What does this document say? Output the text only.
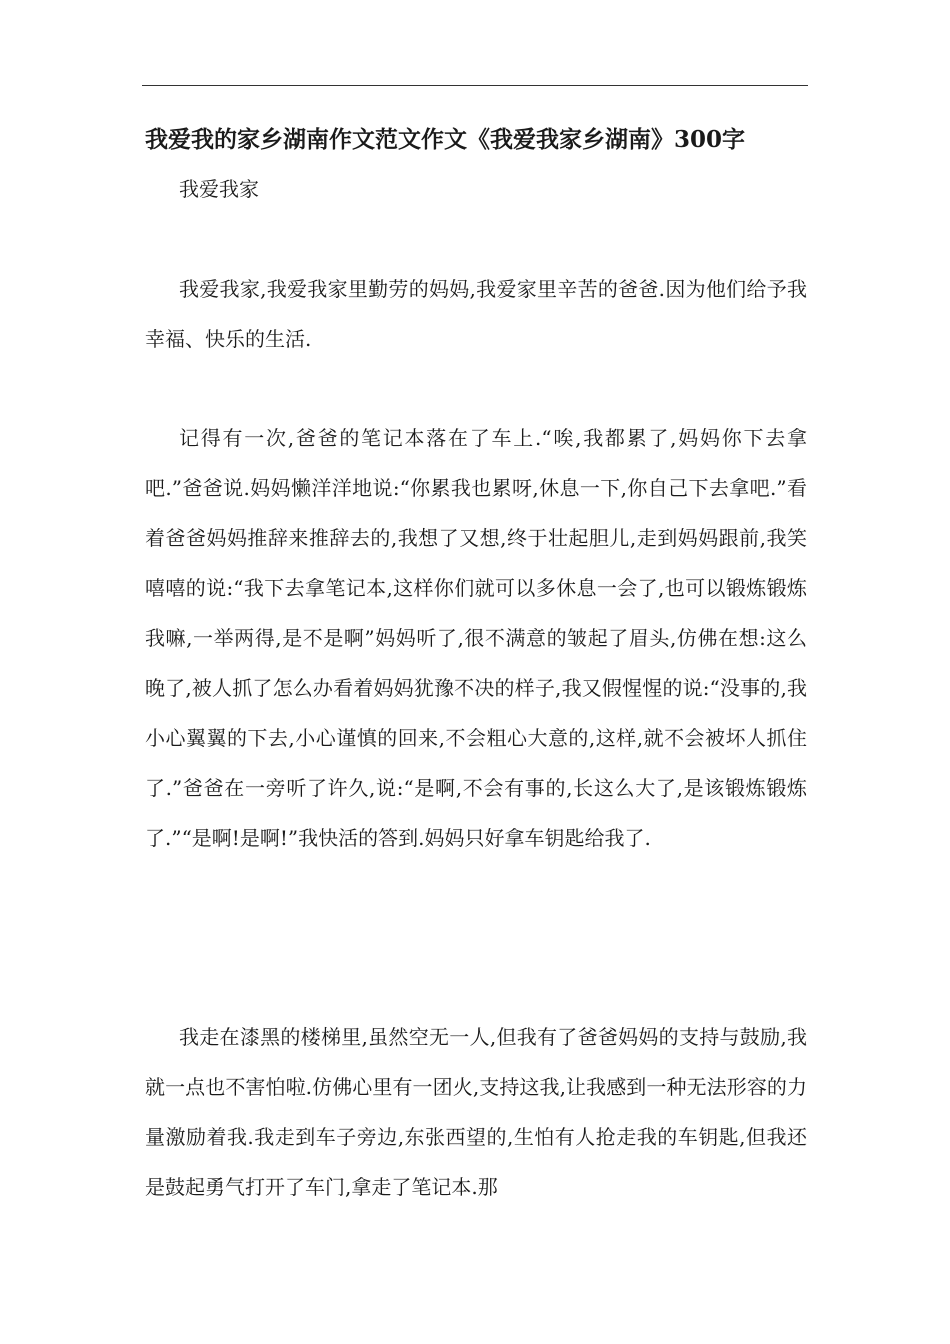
我爱我的家乡湖南作文范文作文《我爱我家乡湖南》300字
我爱我家

我爱我家,我爱我家里勤劳的妈妈,我爱家里辛苦的爸爸.因为他们给予我幸福、快乐的生活.

记得有一次,爸爸的笔记本落在了车上.“唉,我都累了,妈妈你下去拿吧.”爸爸说.妈妈懒洋洋地说:“你累我也累呀,休息一下,你自己下去拿吧.”看着爸爸妈妈推辞来推辞去的,我想了又想,终于壮起胆儿,走到妈妈跟前,我笑嘻嘻的说:“我下去拿笔记本,这样你们就可以多休息一会了,也可以锻炼锻炼我嘛,一举两得,是不是啊”妈妈听了,很不满意的皱起了眉头,仿佛在想:这么晚了,被人抓了怎么办看着妈妈犹豫不决的样子,我又假惺惺的说:“没事的,我小心翼翼的下去,小心谨慎的回来,不会粗心大意的,这样,就不会被坏人抓住了.”爸爸在一旁听了许久,说:“是啊,不会有事的,长这么大了,是该锻炼锻炼了.”“是啊!是啊!”我快活的答到.妈妈只好拿车钥匙给我了.

我走在漆黑的楼梯里,虽然空无一人,但我有了爸爸妈妈的支持与鼓励,我就一点也不害怕啦.仿佛心里有一团火,支持这我,让我感到一种无法形容的力量激励着我.我走到车子旁边,东张西望的,生怕有人抢走我的车钥匙,但我还是鼓起勇气打开了车门,拿走了笔记本.那
